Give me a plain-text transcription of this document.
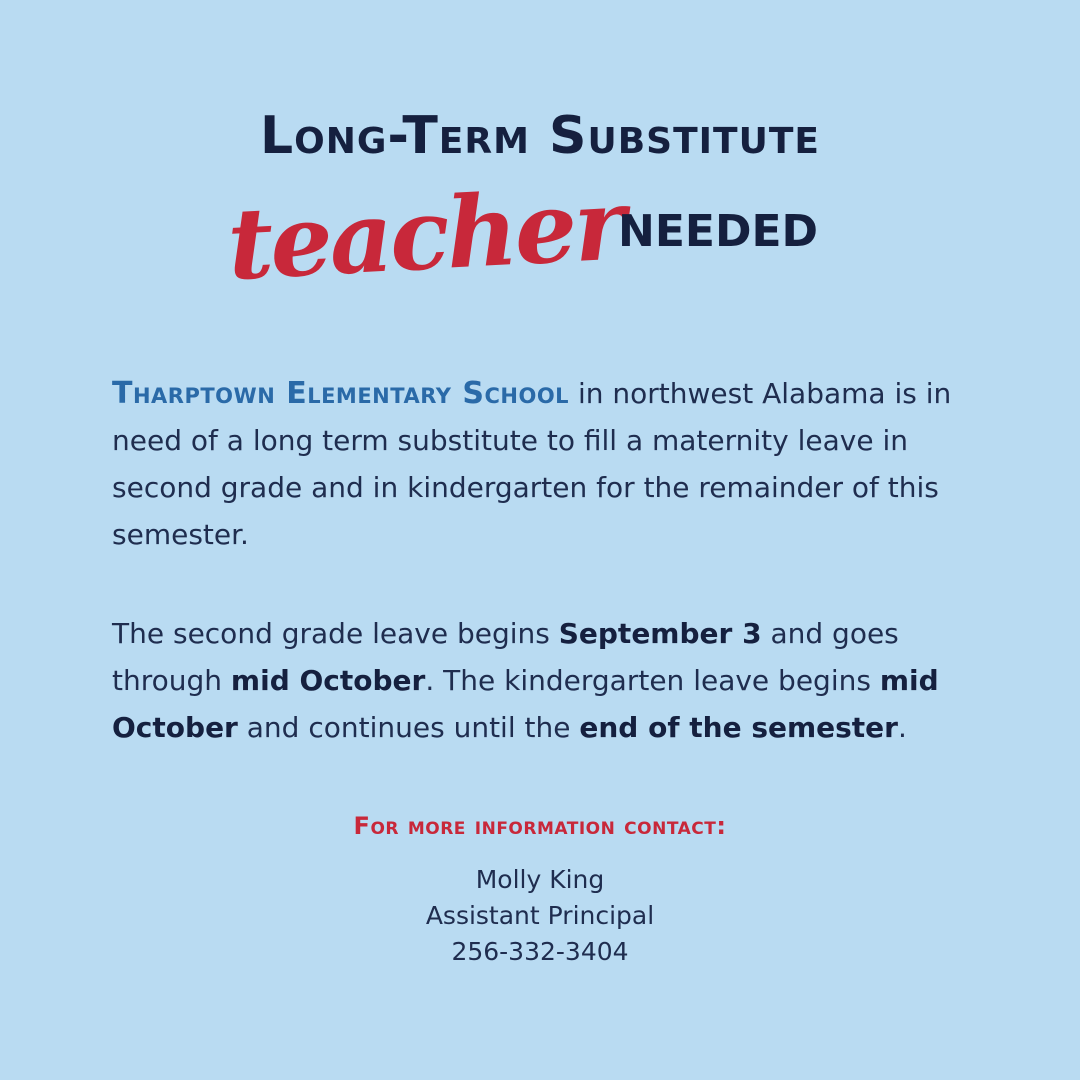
Long-Term Substitute
teacher
NEEDED
Tharptown Elementary School in northwest Alabama is in need of a long term substitute to fill a maternity leave in second grade and in kindergarten for the remainder of this semester.
The second grade leave begins September 3 and goes through mid October. The kindergarten leave begins mid October and continues until the end of the semester.
For more information contact:
Molly King
Assistant Principal
256-332-3404
